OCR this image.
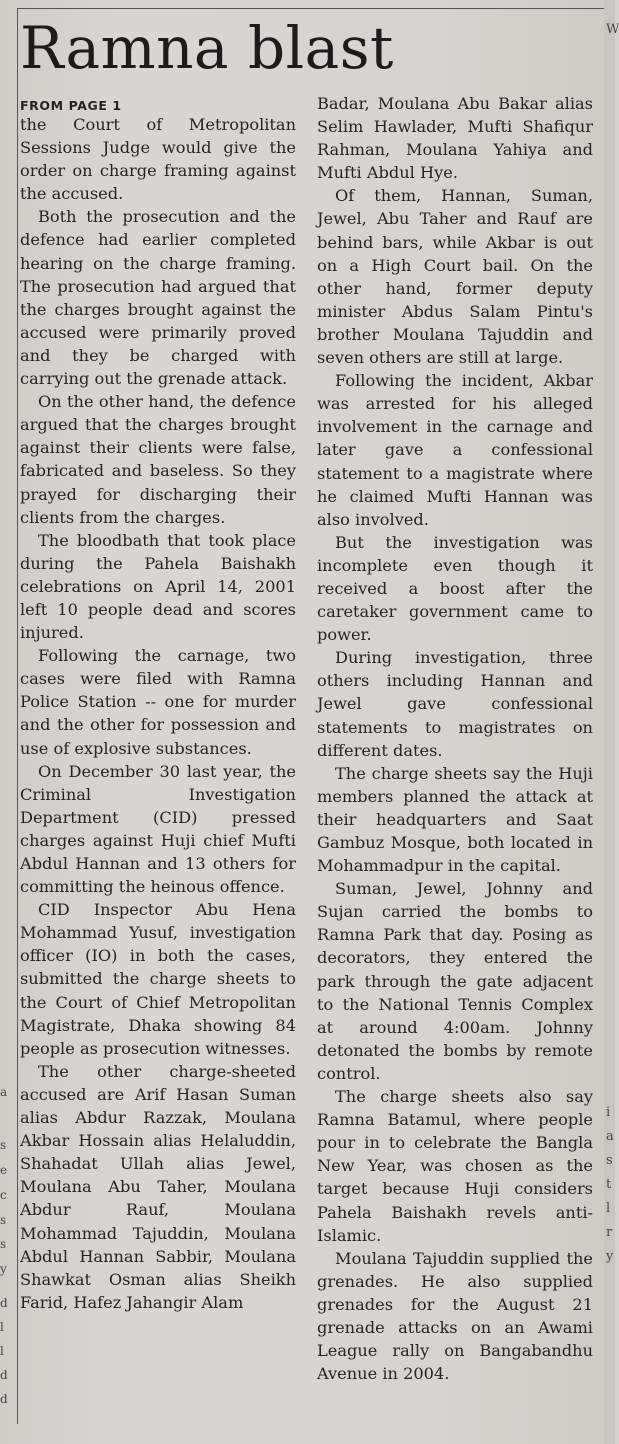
a
s
e
c
s
s
y
d
l
l
d
d
W
i
a
s
t
l
r
y
Ramna blast
FROM PAGE 1

the Court of Metropolitan Sessions Judge would give the order on charge framing against the accused.

Both the prosecution and the defence had earlier completed hearing on the charge framing. The prosecution had argued that the charges brought against the accused were primarily proved and they be charged with carrying out the grenade attack.

On the other hand, the defence argued that the charges brought against their clients were false, fabricated and baseless. So they prayed for discharging their clients from the charges.

The bloodbath that took place during the Pahela Baishakh celebrations on April 14, 2001 left 10 people dead and scores injured.

Following the carnage, two cases were filed with Ramna Police Station -- one for murder and the other for possession and use of explosive substances.

On December 30 last year, the Criminal Investigation Department (CID) pressed charges against Huji chief Mufti Abdul Hannan and 13 others for committing the heinous offence.

CID Inspector Abu Hena Mohammad Yusuf, investigation officer (IO) in both the cases, submitted the charge sheets to the Court of Chief Metropolitan Magistrate, Dhaka showing 84 people as prosecution witnesses.

The other charge-sheeted accused are Arif Hasan Suman alias Abdur Razzak, Moulana Akbar Hossain alias Helaluddin, Shahadat Ullah alias Jewel, Moulana Abu Taher, Moulana Abdur Rauf, Moulana Mohammad Tajuddin, Moulana Abdul Hannan Sabbir, Moulana Shawkat Osman alias Sheikh Farid, Hafez Jahangir Alam

Badar, Moulana Abu Bakar alias Selim Hawlader, Mufti Shafiqur Rahman, Moulana Yahiya and Mufti Abdul Hye.

Of them, Hannan, Suman, Jewel, Abu Taher and Rauf are behind bars, while Akbar is out on a High Court bail. On the other hand, former deputy minister Abdus Salam Pintu's brother Moulana Tajuddin and seven others are still at large.

Following the incident, Akbar was arrested for his alleged involvement in the carnage and later gave a confessional statement to a magistrate where he claimed Mufti Hannan was also involved.

But the investigation was incomplete even though it received a boost after the caretaker government came to power.

During investigation, three others including Hannan and Jewel gave confessional statements to magistrates on different dates.

The charge sheets say the Huji members planned the attack at their headquarters and Saat Gambuz Mosque, both located in Mohammadpur in the capital.

Suman, Jewel, Johnny and Sujan carried the bombs to Ramna Park that day. Posing as decorators, they entered the park through the gate adjacent to the National Tennis Complex at around 4:00am. Johnny detonated the bombs by remote control.

The charge sheets also say Ramna Batamul, where people pour in to celebrate the Bangla New Year, was chosen as the target because Huji considers Pahela Baishakh revels anti-Islamic.

Moulana Tajuddin supplied the grenades. He also supplied grenades for the August 21 grenade attacks on an Awami League rally on Bangabandhu Avenue in 2004.
